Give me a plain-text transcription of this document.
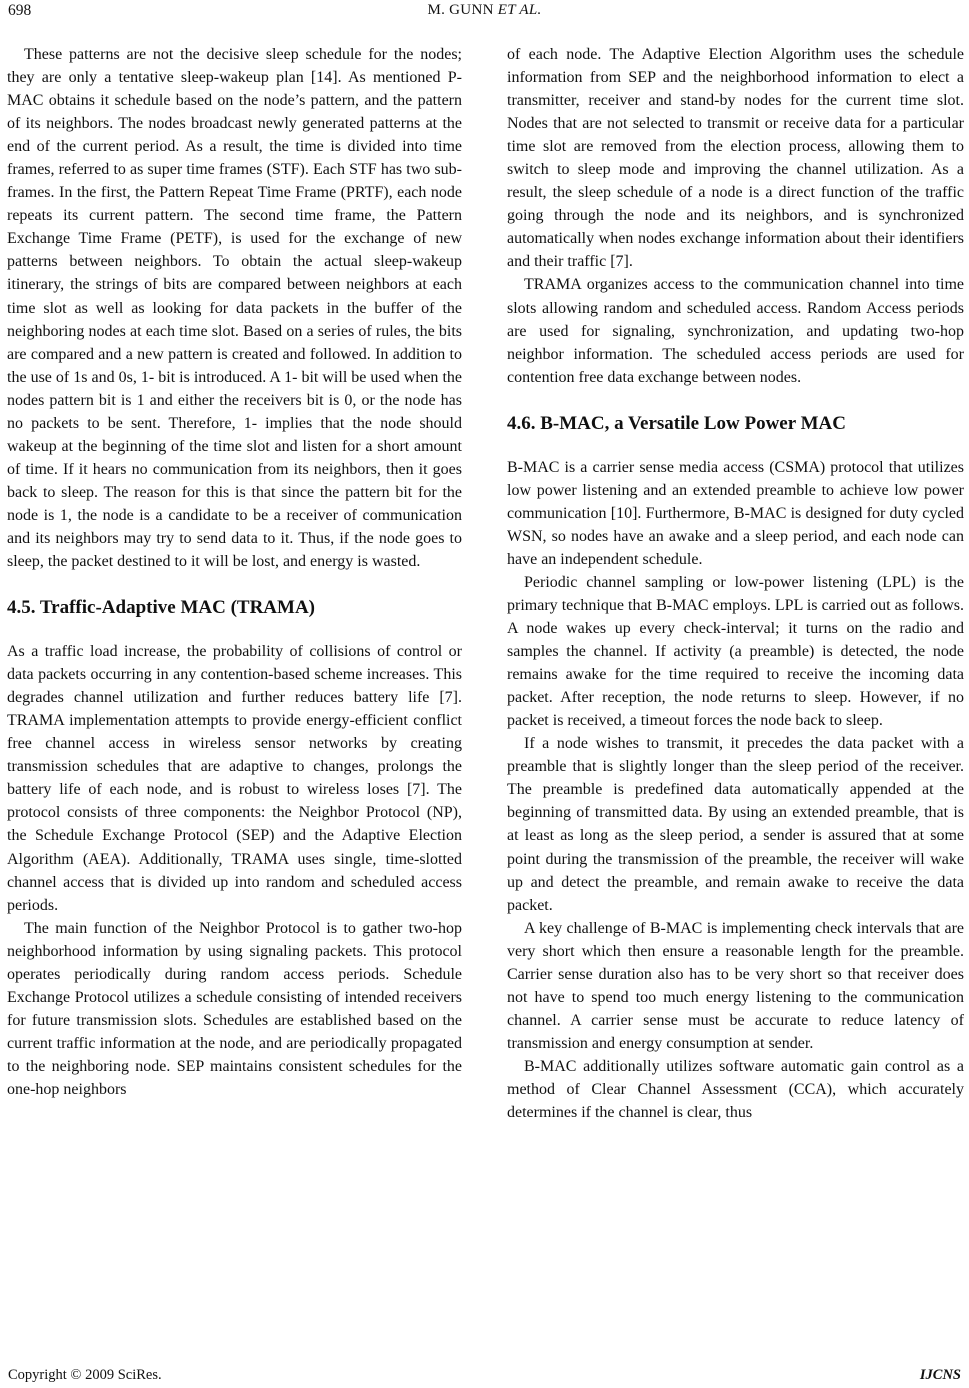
698	M. GUNN ET AL.

These patterns are not the decisive sleep schedule for the nodes; they are only a tentative sleep-wakeup plan [14]. As mentioned P-MAC obtains it schedule based on the node’s pattern, and the pattern of its neighbors. The nodes broadcast newly generated patterns at the end of the current period. As a result, the time is divided into time frames, referred to as super time frames (STF). Each STF has two sub-frames. In the first, the Pattern Repeat Time Frame (PRTF), each node repeats its current pattern. The second time frame, the Pattern Exchange Time Frame (PETF), is used for the exchange of new patterns between neighbors. To obtain the actual sleep-wakeup itinerary, the strings of bits are compared between neighbors at each time slot as well as looking for data packets in the buffer of the neighboring nodes at each time slot. Based on a series of rules, the bits are compared and a new pattern is created and followed. In addition to the use of 1s and 0s, 1- bit is introduced. A 1- bit will be used when the nodes pattern bit is 1 and either the receivers bit is 0, or the node has no packets to be sent. Therefore, 1- implies that the node should wakeup at the beginning of the time slot and listen for a short amount of time. If it hears no communication from its neighbors, then it goes back to sleep. The reason for this is that since the pattern bit for the node is 1, the node is a candidate to be a receiver of communication and its neighbors may try to send data to it. Thus, if the node goes to sleep, the packet destined to it will be lost, and energy is wasted.

4.5. Traffic-Adaptive MAC (TRAMA)

As a traffic load increase, the probability of collisions of control or data packets occurring in any contention-based scheme increases. This degrades channel utilization and further reduces battery life [7]. TRAMA implementation attempts to provide energy-efficient conflict free channel access in wireless sensor networks by creating transmission schedules that are adaptive to changes, prolongs the battery life of each node, and is robust to wireless loses [7]. The protocol consists of three components: the Neighbor Protocol (NP), the Schedule Exchange Protocol (SEP) and the Adaptive Election Algorithm (AEA). Additionally, TRAMA uses single, time-slotted channel access that is divided up into random and scheduled access periods.

The main function of the Neighbor Protocol is to gather two-hop neighborhood information by using signaling packets. This protocol operates periodically during random access periods. Schedule Exchange Protocol utilizes a schedule consisting of intended receivers for future transmission slots. Schedules are established based on the current traffic information at the node, and are periodically propagated to the neighboring node. SEP maintains consistent schedules for the one-hop neighbors

of each node. The Adaptive Election Algorithm uses the schedule information from SEP and the neighborhood information to elect a transmitter, receiver and stand-by nodes for the current time slot. Nodes that are not selected to transmit or receive data for a particular time slot are removed from the election process, allowing them to switch to sleep mode and improving the channel utilization. As a result, the sleep schedule of a node is a direct function of the traffic going through the node and its neighbors, and is synchronized automatically when nodes exchange information about their identifiers and their traffic [7].

TRAMA organizes access to the communication channel into time slots allowing random and scheduled access. Random Access periods are used for signaling, synchronization, and updating two-hop neighbor information. The scheduled access periods are used for contention free data exchange between nodes.

4.6. B-MAC, a Versatile Low Power MAC

B-MAC is a carrier sense media access (CSMA) protocol that utilizes low power listening and an extended preamble to achieve low power communication [10]. Furthermore, B-MAC is designed for duty cycled WSN, so nodes have an awake and a sleep period, and each node can have an independent schedule.

Periodic channel sampling or low-power listening (LPL) is the primary technique that B-MAC employs. LPL is carried out as follows. A node wakes up every check-interval; it turns on the radio and samples the channel. If activity (a preamble) is detected, the node remains awake for the time required to receive the incoming data packet. After reception, the node returns to sleep. However, if no packet is received, a timeout forces the node back to sleep.

If a node wishes to transmit, it precedes the data packet with a preamble that is slightly longer than the sleep period of the receiver. The preamble is predefined data automatically appended at the beginning of transmitted data. By using an extended preamble, that is at least as long as the sleep period, a sender is assured that at some point during the transmission of the preamble, the receiver will wake up and detect the preamble, and remain awake to receive the data packet.

A key challenge of B-MAC is implementing check intervals that are very short which then ensure a reasonable length for the preamble. Carrier sense duration also has to be very short so that receiver does not have to spend too much energy listening to the communication channel. A carrier sense must be accurate to reduce latency of transmission and energy consumption at sender.

B-MAC additionally utilizes software automatic gain control as a method of Clear Channel Assessment (CCA), which accurately determines if the channel is clear, thus

Copyright © 2009 SciRes.	IJCNS
